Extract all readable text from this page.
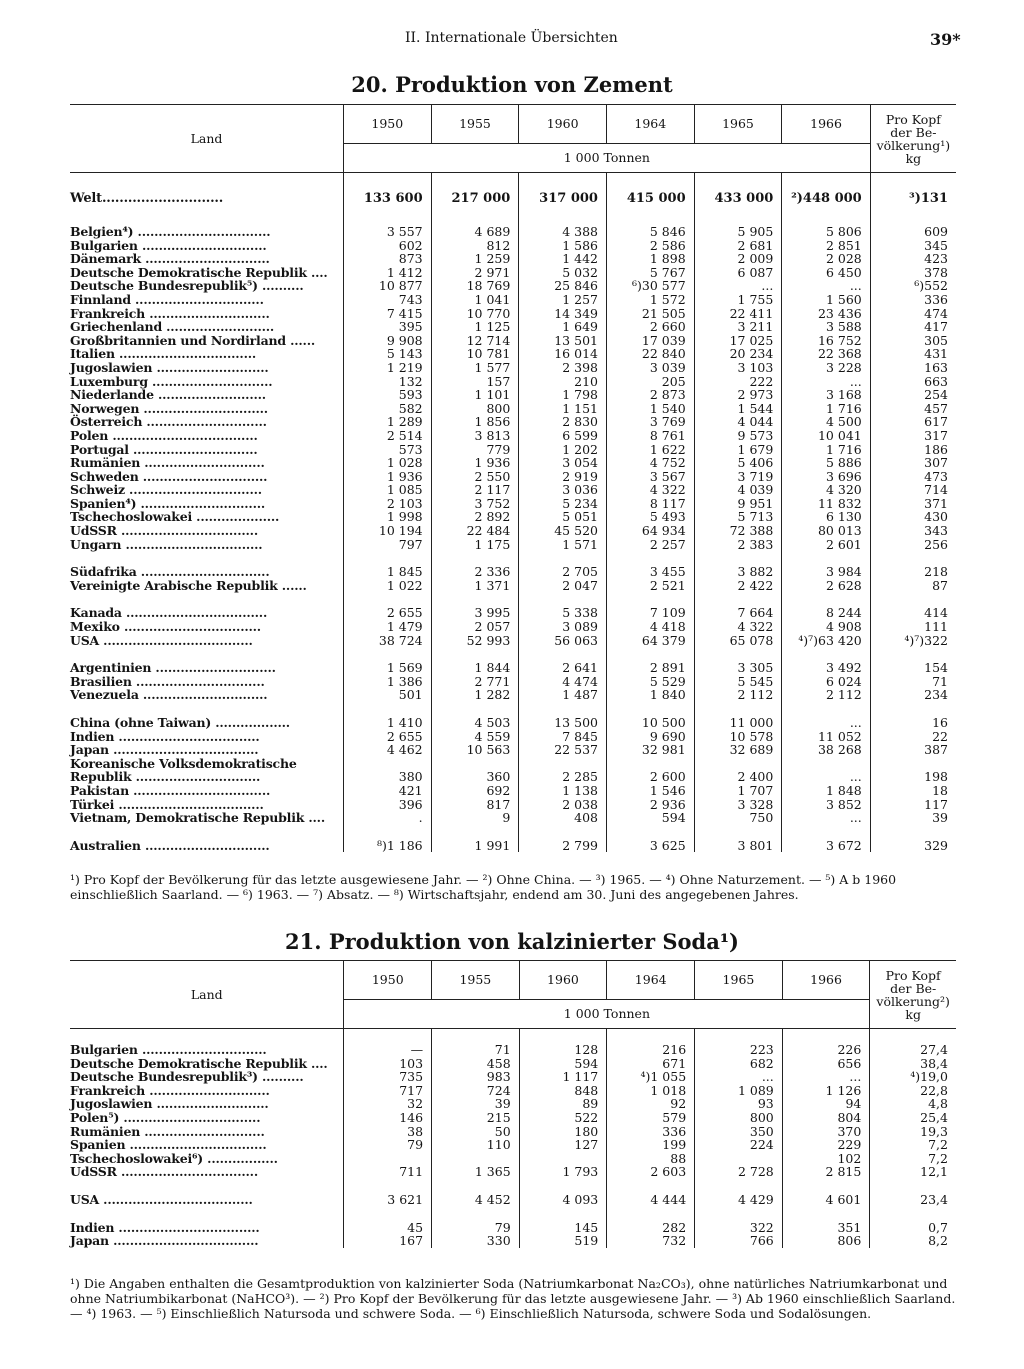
II. Internationale Übersichten	39*
20. Produktion von Zement
Land	1950	1955	1960	1964	1965	1966	Pro Kopf
der Be-
völkerung¹)
kg

	1 000 Tonnen						

Welt............................	133 600	217 000	317 000	415 000	433 000	²)448 000	³)131

Belgien⁴) ................................	3 557	4 689	4 388	5 846	5 905	5 806	609
Bulgarien ..............................	602	812	1 586	2 586	2 681	2 851	345
Dänemark ..............................	873	1 259	1 442	1 898	2 009	2 028	423
Deutsche Demokratische Republik ....	1 412	2 971	5 032	5 767	6 087	6 450	378
Deutsche Bundesrepublik⁵) ..........	10 877	18 769	25 846	⁶)30 577	...	...	⁶)552
Finnland ...............................	743	1 041	1 257	1 572	1 755	1 560	336
Frankreich .............................	7 415	10 770	14 349	21 505	22 411	23 436	474
Griechenland ..........................	395	1 125	1 649	2 660	3 211	3 588	417
Großbritannien und Nordirland ......	9 908	12 714	13 501	17 039	17 025	16 752	305
Italien .................................	5 143	10 781	16 014	22 840	20 234	22 368	431
Jugoslawien ...........................	1 219	1 577	2 398	3 039	3 103	3 228	163
Luxemburg .............................	132	157	210	205	222	...	663
Niederlande ..........................	593	1 101	1 798	2 873	2 973	3 168	254
Norwegen ..............................	582	800	1 151	1 540	1 544	1 716	457
Österreich .............................	1 289	1 856	2 830	3 769	4 044	4 500	617
Polen ...................................	2 514	3 813	6 599	8 761	9 573	10 041	317
Portugal ..............................	573	779	1 202	1 622	1 679	1 716	186
Rumänien .............................	1 028	1 936	3 054	4 752	5 406	5 886	307
Schweden ..............................	1 936	2 550	2 919	3 567	3 719	3 696	473
Schweiz ................................	1 085	2 117	3 036	4 322	4 039	4 320	714
Spanien⁴) ..............................	2 103	3 752	5 234	8 117	9 951	11 832	371
Tschechoslowakei ....................	1 998	2 892	5 051	5 493	5 713	6 130	430
UdSSR .................................	10 194	22 484	45 520	64 934	72 388	80 013	343
Ungarn .................................	797	1 175	1 571	2 257	2 383	2 601	256

Südafrika ...............................	1 845	2 336	2 705	3 455	3 882	3 984	218
Vereinigte Arabische Republik ......	1 022	1 371	2 047	2 521	2 422	2 628	87

Kanada ..................................	2 655	3 995	5 338	7 109	7 664	8 244	414
Mexiko .................................	1 479	2 057	3 089	4 418	4 322	4 908	111
USA ....................................	38 724	52 993	56 063	64 379	65 078	⁴)⁷)63 420	⁴)⁷)322

Argentinien .............................	1 569	1 844	2 641	2 891	3 305	3 492	154
Brasilien ...............................	1 386	2 771	4 474	5 529	5 545	6 024	71
Venezuela ..............................	501	1 282	1 487	1 840	2 112	2 112	234

China (ohne Taiwan) ..................	1 410	4 503	13 500	10 500	11 000	...	16
Indien ..................................	2 655	4 559	7 845	9 690	10 578	11 052	22
Japan ...................................	4 462	10 563	22 537	32 981	32 689	38 268	387
Koreanische Volksdemokratische							
Republik ..............................	380	360	2 285	2 600	2 400	...	198
Pakistan .................................	421	692	1 138	1 546	1 707	1 848	18
Türkei ...................................	396	817	2 038	2 936	3 328	3 852	117
Vietnam, Demokratische Republik ....	.	9	408	594	750	...	39

Australien ..............................	⁸)1 186	1 991	2 799	3 625	3 801	3 672	329
¹) Pro Kopf der Bevölkerung für das letzte ausgewiesene Jahr. — ²) Ohne China. — ³) 1965. — ⁴) Ohne Naturzement. — ⁵) A b 1960 einschließlich Saarland. — ⁶) 1963. — ⁷) Absatz. — ⁸) Wirtschaftsjahr, endend am 30. Juni des angegebenen Jahres.
21. Produktion von kalzinierter Soda¹)
Land	1950	1955	1960	1964	1965	1966	Pro Kopf
der Be-
völkerung²)
kg

	1 000 Tonnen						

Bulgarien ..............................	—	71	128	216	223	226	27,4
Deutsche Demokratische Republik ....	103	458	594	671	682	656	38,4
Deutsche Bundesrepublik³) ..........	735	983	1 117	⁴)1 055	...	...	⁴)19,0
Frankreich .............................	717	724	848	1 018	1 089	1 126	22,8
Jugoslawien ...........................	32	39	89	92	93	94	4,8
Polen⁵) .................................	146	215	522	579	800	804	25,4
Rumänien .............................	38	50	180	336	350	370	19,3
Spanien .................................	79	110	127	199	224	229	7,2
Tschechoslowakei⁶) .................				88		102	7,2
UdSSR .................................	711	1 365	1 793	2 603	2 728	2 815	12,1

USA ....................................	3 621	4 452	4 093	4 444	4 429	4 601	23,4

Indien ..................................	45	79	145	282	322	351	0,7
Japan ...................................	167	330	519	732	766	806	8,2
¹) Die Angaben enthalten die Gesamtproduktion von kalzinierter Soda (Natriumkarbonat Na₂CO₃), ohne natürliches Natriumkarbonat und ohne Natriumbikarbonat (NaHCO³). — ²) Pro Kopf der Bevölkerung für das letzte ausgewiesene Jahr. — ³) Ab 1960 einschließlich Saarland. — ⁴) 1963. — ⁵) Einschließlich Natursoda und schwere Soda. — ⁶) Einschließlich Natursoda, schwere Soda und Sodalösungen.
